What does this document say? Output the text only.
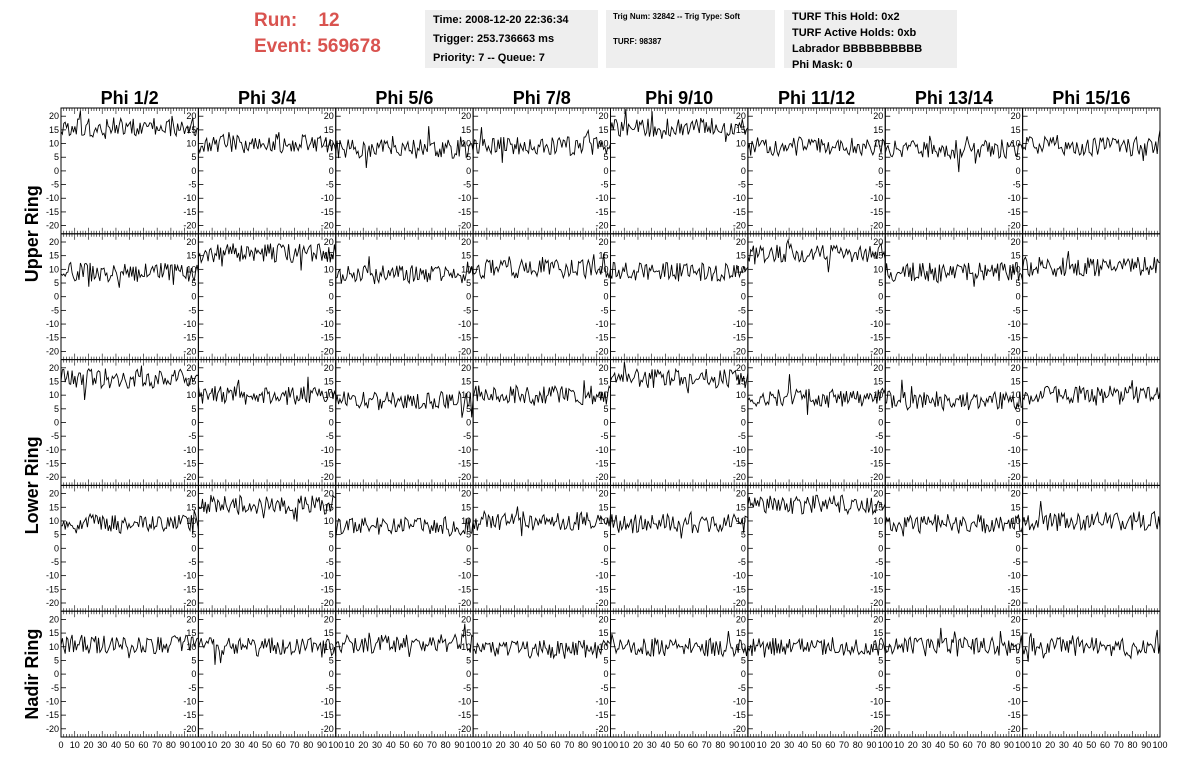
Run: 12
Event: 569678
Time: 2008-12-20 22:36:34
Trigger: 253.736663 ms
Priority: 7 -- Queue: 7
Trig Num: 32842 -- Trig Type: Soft
TURF: 98387
TURF This Hold: 0x2
TURF Active Holds: 0xb
Labrador BBBBBBBBBB
Phi Mask: 0
Phi 1/2	Phi 3/4	Phi 5/6	Phi 7/8	Phi 9/10	Phi 11/12	Phi 13/14	Phi 15/16
Upper Ring
Lower Ring
Nadir Ring
20
15
10
5
0
-5
-10
-15
-20
20
15
10
5
0
-5
-10
-15
-20
20
15
10
5
0
-5
-10
-15
-20
20
15
10
5
0
-5
-10
-15
-20
20
15
10
5
0
-5
-10
-15
-20
20
15
10
5
0
-5
-10
-15
-20
20
15
10
5
0
-5
-10
-15
-20
20
15
10
5
0
-5
-10
-15
-20
20
15
10
5
0
-5
-10
-15
-20
20
15
10
5
0
-5
-10
-15
-20
20
15
10
5
0
-5
-10
-15
-20
20
15
10
5
0
-5
-10
-15
-20
20
15
10
5
0
-5
-10
-15
-20
20
15
10
5
0
-5
-10
-15
-20
20
15
10
5
0
-5
-10
-15
-20
20
15
10
5
0
-5
-10
-15
-20
20
15
10
5
0
-5
-10
-15
-20
20
15
10
5
0
-5
-10
-15
-20
20
15
10
5
0
-5
-10
-15
-20
20
15
10
5
0
-5
-10
-15
-20
20
15
10
5
0
-5
-10
-15
-20
20
15
10
5
0
-5
-10
-15
-20
20
15
10
5
0
-5
-10
-15
-20
20
15
10
5
0
-5
-10
-15
-20
20
15
10
5
0
-5
-10
-15
-20
20
15
10
5
0
-5
-10
-15
-20
20
15
10
5
0
-5
-10
-15
-20
20
15
10
5
0
-5
-10
-15
-20
20
15
10
5
0
-5
-10
-15
-20
20
15
10
5
0
-5
-10
-15
-20
20
15
10
5
0
-5
-10
-15
-20
20
15
10
5
0
-5
-10
-15
-20
20
15
10
5
0
-5
-10
-15
-20
0 10 20 30 40 50 60 70 80 90 100
20
15
10
5
0
-5
-10
-15
-20
10 20 30 40 50 60 70 80 90 100
20
15
10
5
0
-5
-10
-15
-20
10 20 30 40 50 60 70 80 90 100
20
15
10
5
0
-5
-10
-15
-20
10 20 30 40 50 60 70 80 90 100
20
15
10
5
0
-5
-10
-15
-20
10 20 30 40 50 60 70 80 90 100
20
15
10
5
0
-5
-10
-15
-20
10 20 30 40 50 60 70 80 90 100
20
15
10
5
0
-5
-10
-15
-20
10 20 30 40 50 60 70 80 90 100
20
15
10
5
0
-5
-10
-15
-20
10 20 30 40 50 60 70 80 90 100
